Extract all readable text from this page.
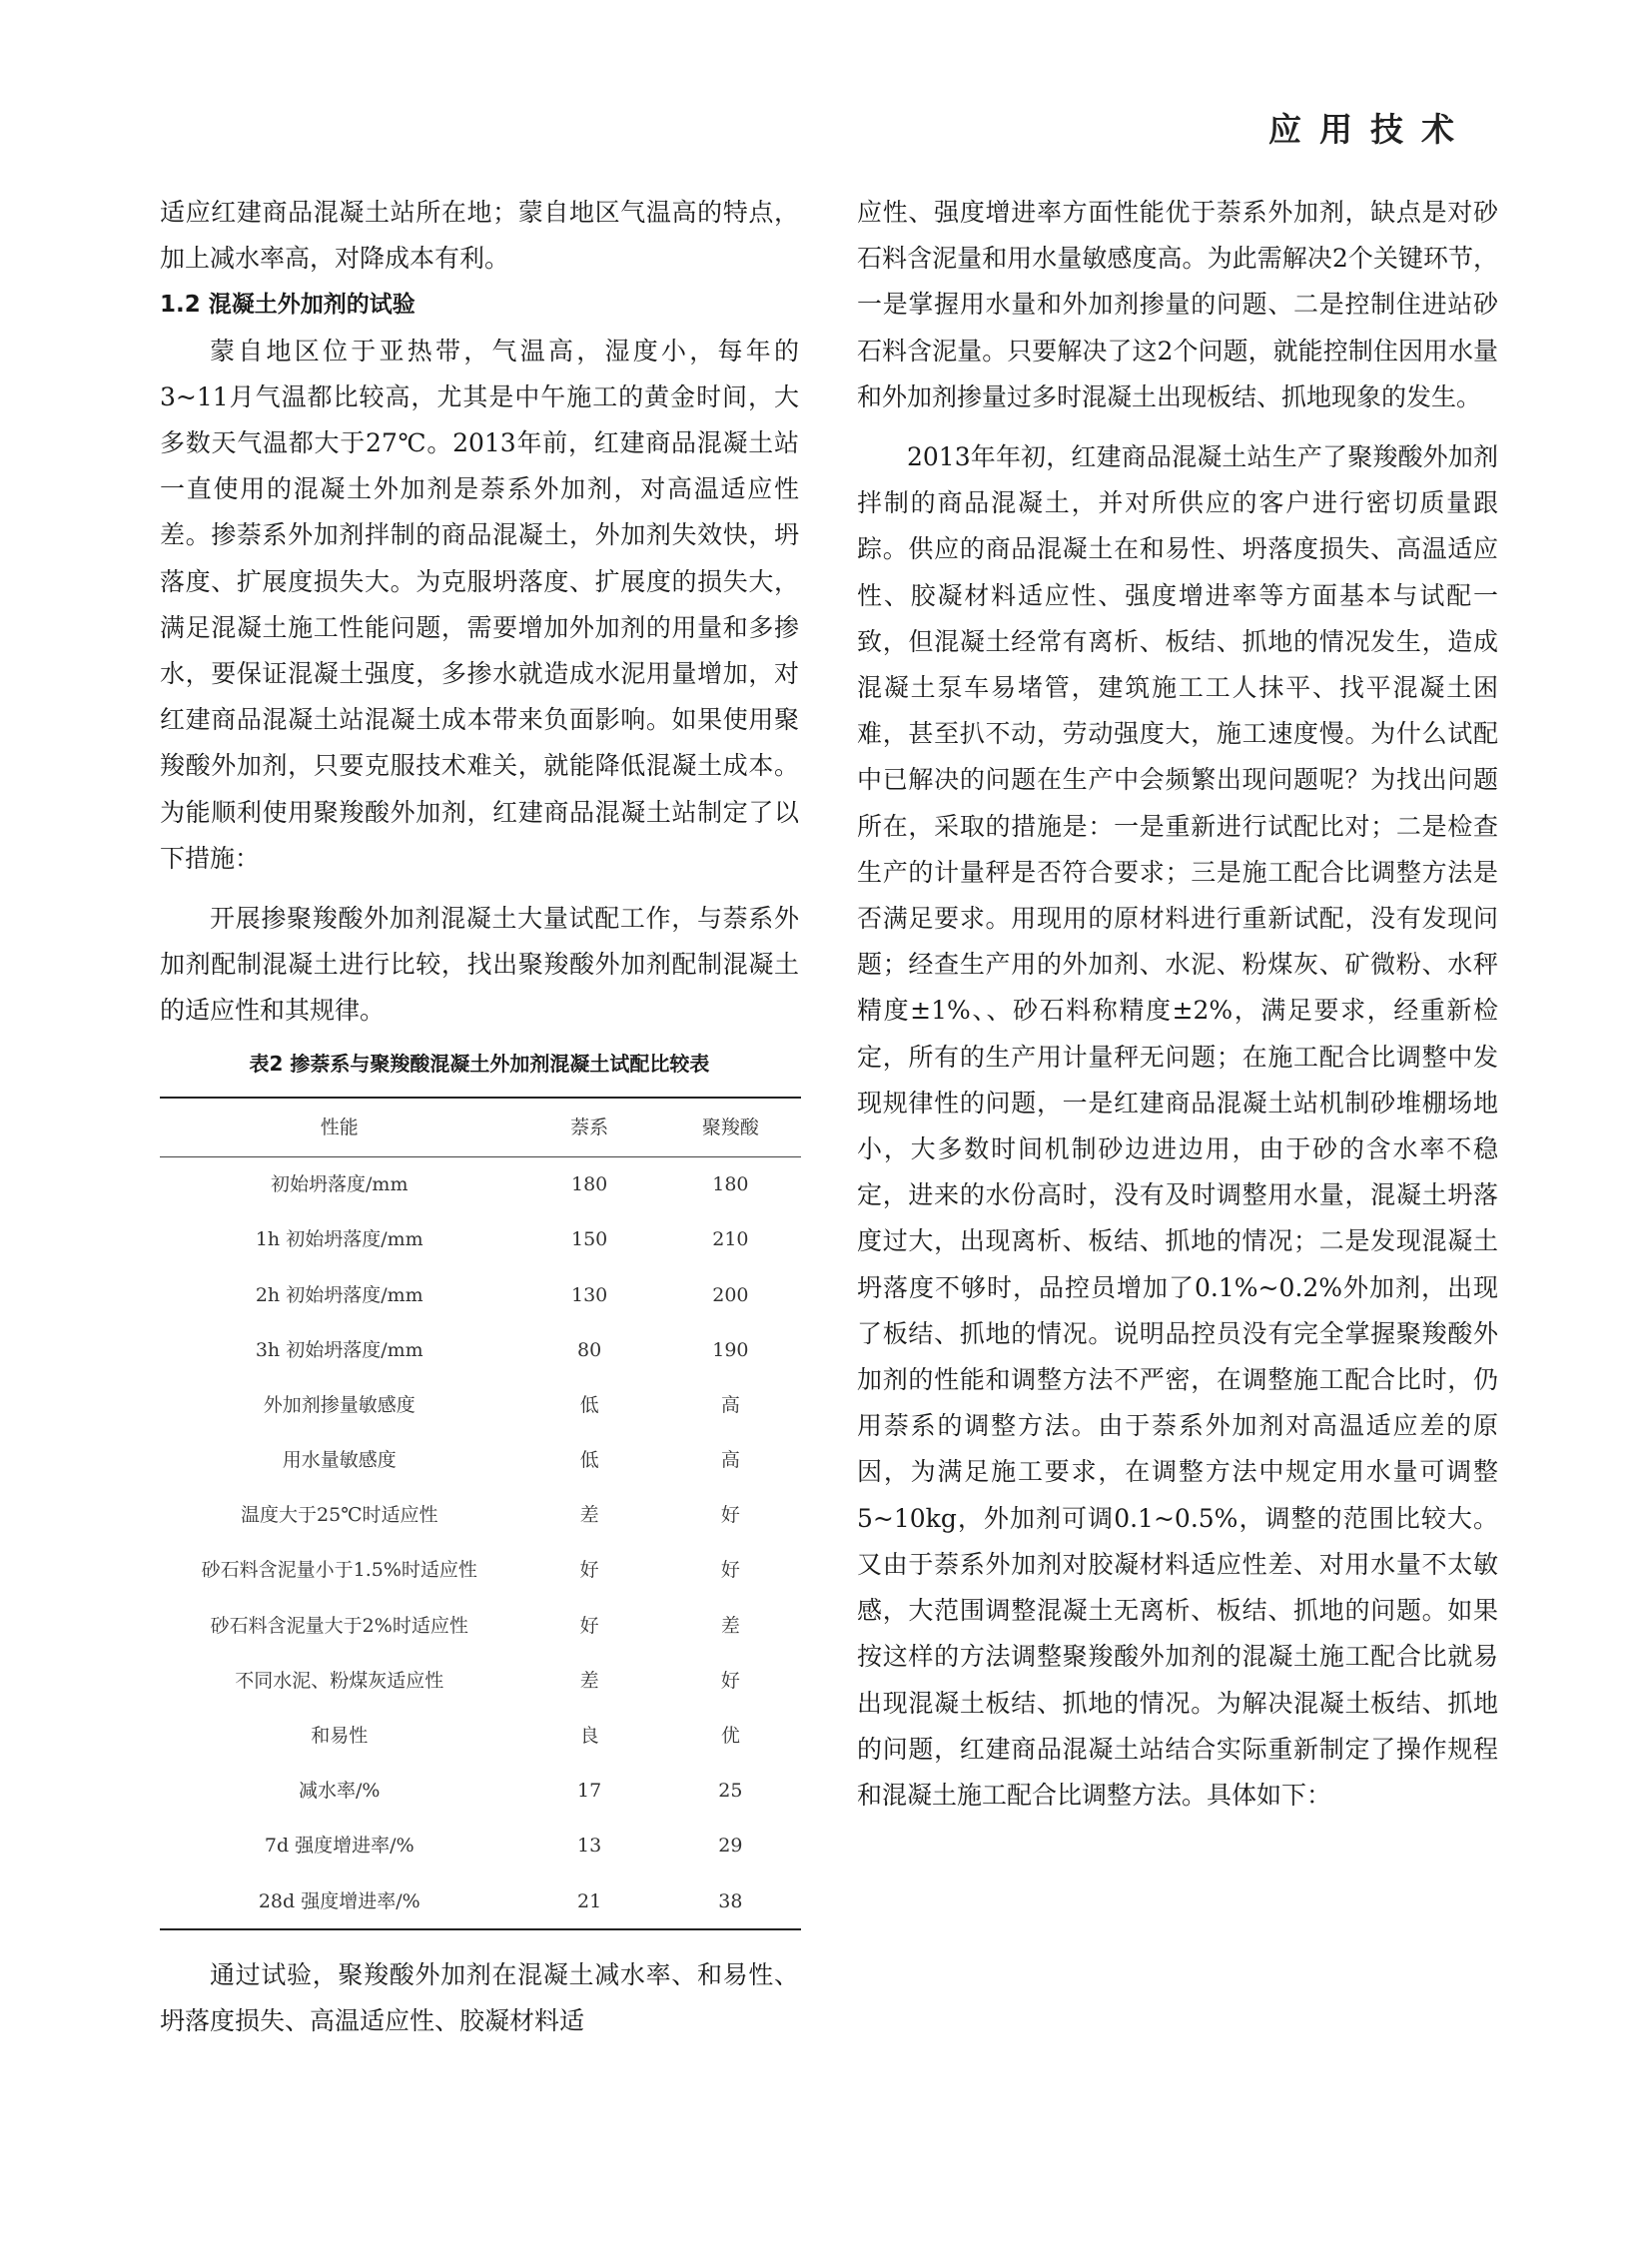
应用技术

适应红建商品混凝土站所在地；蒙自地区气温高的特点，加上减水率高，对降成本有利。

1.2 混凝土外加剂的试验

蒙自地区位于亚热带，气温高，湿度小，每年的3~11月气温都比较高，尤其是中午施工的黄金时间，大多数天气温都大于27℃。2013年前，红建商品混凝土站一直使用的混凝土外加剂是萘系外加剂，对高温适应性差。掺萘系外加剂拌制的商品混凝土，外加剂失效快，坍落度、扩展度损失大。为克服坍落度、扩展度的损失大，满足混凝土施工性能问题，需要增加外加剂的用量和多掺水，要保证混凝土强度，多掺水就造成水泥用量增加，对红建商品混凝土站混凝土成本带来负面影响。如果使用聚羧酸外加剂，只要克服技术难关，就能降低混凝土成本。为能顺利使用聚羧酸外加剂，红建商品混凝土站制定了以下措施：

开展掺聚羧酸外加剂混凝土大量试配工作，与萘系外加剂配制混凝土进行比较，找出聚羧酸外加剂配制混凝土的适应性和其规律。

表2 掺萘系与聚羧酸混凝土外加剂混凝土试配比较表
性能	萘系	聚羧酸
初始坍落度/mm	180	180
1h 初始坍落度/mm	150	210
2h 初始坍落度/mm	130	200
3h 初始坍落度/mm	80	190
外加剂掺量敏感度	低	高
用水量敏感度	低	高
温度大于25℃时适应性	差	好
砂石料含泥量小于1.5%时适应性	好	好
砂石料含泥量大于2%时适应性	好	差
不同水泥、粉煤灰适应性	差	好
和易性	良	优
减水率/%	17	25
7d 强度增进率/%	13	29
28d 强度增进率/%	21	38

通过试验，聚羧酸外加剂在混凝土减水率、和易性、坍落度损失、高温适应性、胶凝材料适

应性、强度增进率方面性能优于萘系外加剂，缺点是对砂石料含泥量和用水量敏感度高。为此需解决2个关键环节，一是掌握用水量和外加剂掺量的问题、二是控制住进站砂石料含泥量。只要解决了这2个问题，就能控制住因用水量和外加剂掺量过多时混凝土出现板结、抓地现象的发生。

2013年年初，红建商品混凝土站生产了聚羧酸外加剂拌制的商品混凝土，并对所供应的客户进行密切质量跟踪。供应的商品混凝土在和易性、坍落度损失、高温适应性、胶凝材料适应性、强度增进率等方面基本与试配一致，但混凝土经常有离析、板结、抓地的情况发生，造成混凝土泵车易堵管，建筑施工工人抹平、找平混凝土困难，甚至扒不动，劳动强度大，施工速度慢。为什么试配中已解决的问题在生产中会频繁出现问题呢？为找出问题所在，采取的措施是：一是重新进行试配比对；二是检查生产的计量秤是否符合要求；三是施工配合比调整方法是否满足要求。用现用的原材料进行重新试配，没有发现问题；经查生产用的外加剂、水泥、粉煤灰、矿微粉、水秤精度±1%、、砂石料称精度±2%，满足要求，经重新检定，所有的生产用计量秤无问题；在施工配合比调整中发现规律性的问题，一是红建商品混凝土站机制砂堆棚场地小，大多数时间机制砂边进边用，由于砂的含水率不稳定，进来的水份高时，没有及时调整用水量，混凝土坍落度过大，出现离析、板结、抓地的情况；二是发现混凝土坍落度不够时，品控员增加了0.1%~0.2%外加剂，出现了板结、抓地的情况。说明品控员没有完全掌握聚羧酸外加剂的性能和调整方法不严密，在调整施工配合比时，仍用萘系的调整方法。由于萘系外加剂对高温适应差的原因，为满足施工要求，在调整方法中规定用水量可调整5~10kg，外加剂可调0.1~0.5%，调整的范围比较大。又由于萘系外加剂对胶凝材料适应性差、对用水量不太敏感，大范围调整混凝土无离析、板结、抓地的问题。如果按这样的方法调整聚羧酸外加剂的混凝土施工配合比就易出现混凝土板结、抓地的情况。为解决混凝土板结、抓地的问题，红建商品混凝土站结合实际重新制定了操作规程和混凝土施工配合比调整方法。具体如下：
